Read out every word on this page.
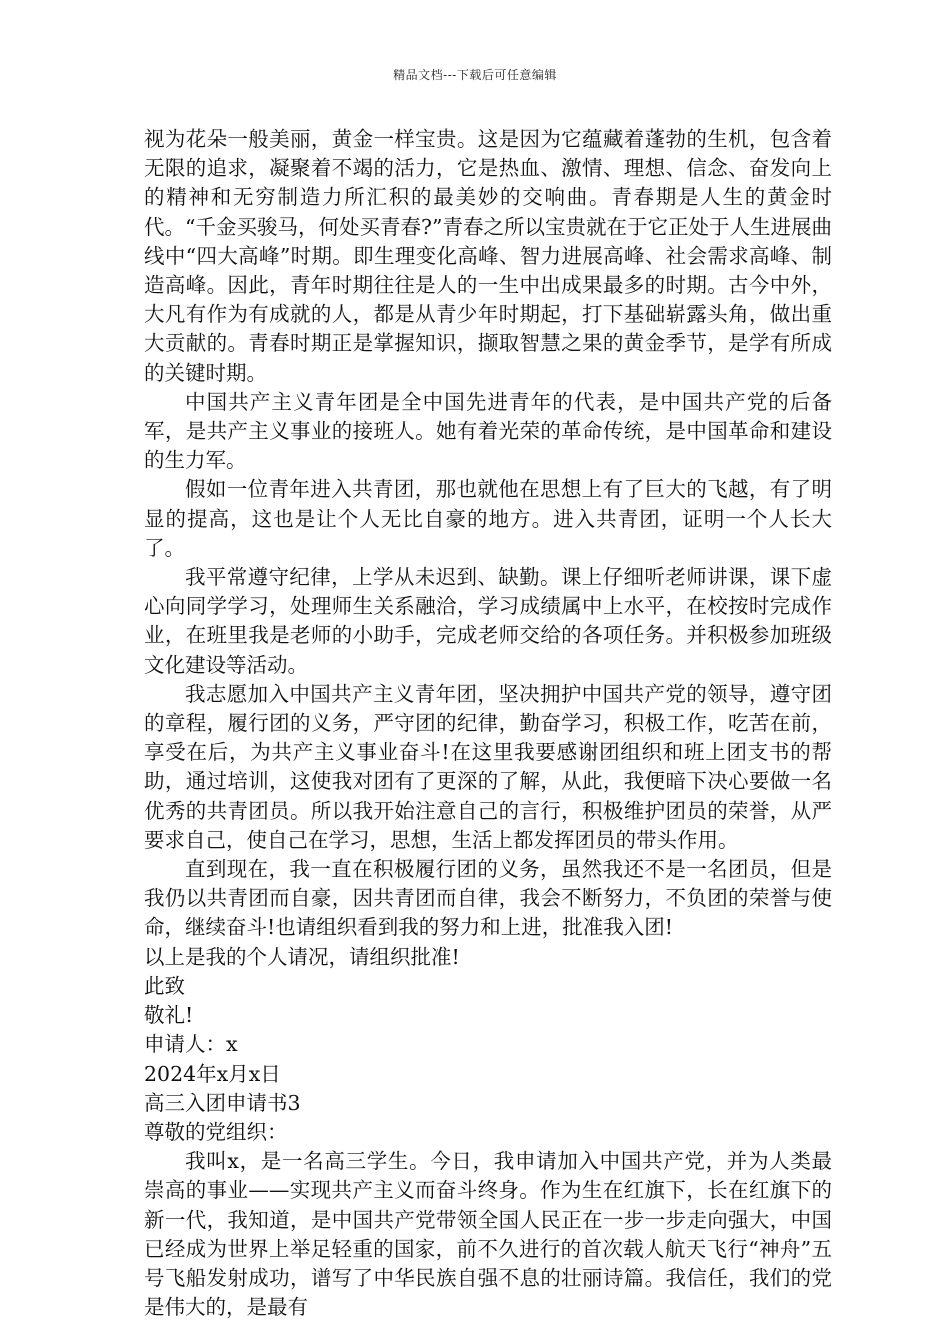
精品文档---下载后可任意编辑

视为花朵一般美丽，黄金一样宝贵。这是因为它蕴藏着蓬勃的生机，包含着无限的追求，凝聚着不竭的活力，它是热血、激情、理想、信念、奋发向上的精神和无穷制造力所汇积的最美妙的交响曲。青春期是人生的黄金时代。“千金买骏马，何处买青春?”青春之所以宝贵就在于它正处于人生进展曲线中“四大高峰”时期。即生理变化高峰、智力进展高峰、社会需求高峰、制造高峰。因此，青年时期往往是人的一生中出成果最多的时期。古今中外，大凡有作为有成就的人，都是从青少年时期起，打下基础崭露头角，做出重大贡献的。青春时期正是掌握知识，撷取智慧之果的黄金季节，是学有所成的关键时期。

中国共产主义青年团是全中国先进青年的代表，是中国共产党的后备军，是共产主义事业的接班人。她有着光荣的革命传统，是中国革命和建设的生力军。

假如一位青年进入共青团，那也就他在思想上有了巨大的飞越，有了明显的提高，这也是让个人无比自豪的地方。进入共青团，证明一个人长大了。

我平常遵守纪律，上学从未迟到、缺勤。课上仔细听老师讲课，课下虚心向同学学习，处理师生关系融洽，学习成绩属中上水平，在校按时完成作业，在班里我是老师的小助手，完成老师交给的各项任务。并积极参加班级文化建设等活动。

我志愿加入中国共产主义青年团，坚决拥护中国共产党的领导，遵守团的章程，履行团的义务，严守团的纪律，勤奋学习，积极工作，吃苦在前，享受在后，为共产主义事业奋斗!在这里我要感谢团组织和班上团支书的帮助，通过培训，这使我对团有了更深的了解，从此，我便暗下决心要做一名优秀的共青团员。所以我开始注意自己的言行，积极维护团员的荣誉，从严要求自己，使自己在学习，思想，生活上都发挥团员的带头作用。

直到现在，我一直在积极履行团的义务，虽然我还不是一名团员，但是我仍以共青团而自豪，因共青团而自律，我会不断努力，不负团的荣誉与使命，继续奋斗!也请组织看到我的努力和上进，批准我入团!

以上是我的个人请况，请组织批准!

此致

敬礼!

申请人：x

2024年x月x日

高三入团申请书3

尊敬的党组织：

我叫x，是一名高三学生。今日，我申请加入中国共产党，并为人类最崇高的事业——实现共产主义而奋斗终身。作为生在红旗下，长在红旗下的新一代，我知道，是中国共产党带领全国人民正在一步一步走向强大，中国已经成为世界上举足轻重的国家，前不久进行的首次载人航天飞行“神舟”五号飞船发射成功，谱写了中华民族自强不息的壮丽诗篇。我信任，我们的党是伟大的，是最有
